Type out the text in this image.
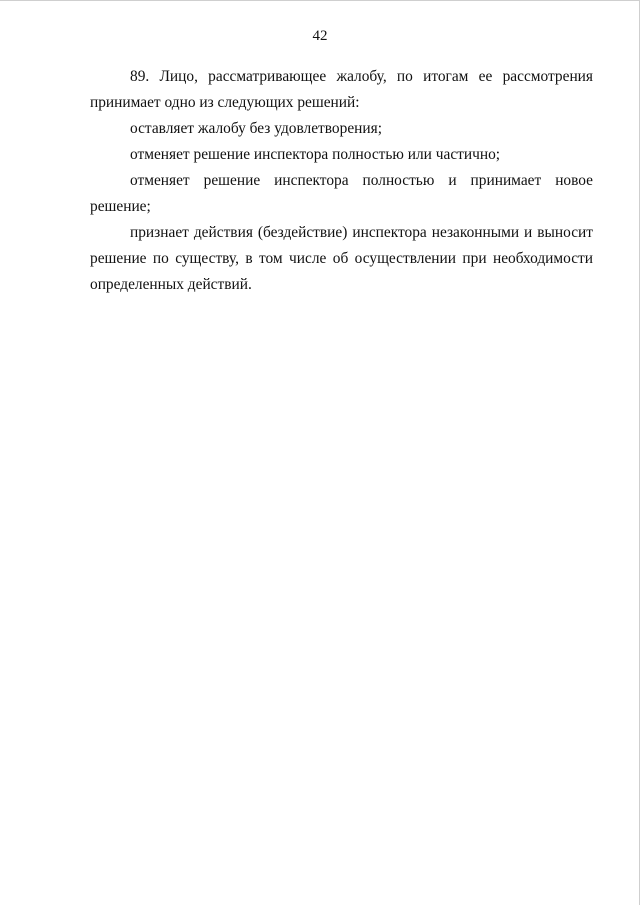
42

89. Лицо, рассматривающее жалобу, по итогам ее рассмотрения принимает одно из следующих решений:

оставляет жалобу без удовлетворения;

отменяет решение инспектора полностью или частично;

отменяет решение инспектора полностью и принимает новое решение;

признает действия (бездействие) инспектора незаконными и выносит решение по существу, в том числе об осуществлении при необходимости определенных действий.
